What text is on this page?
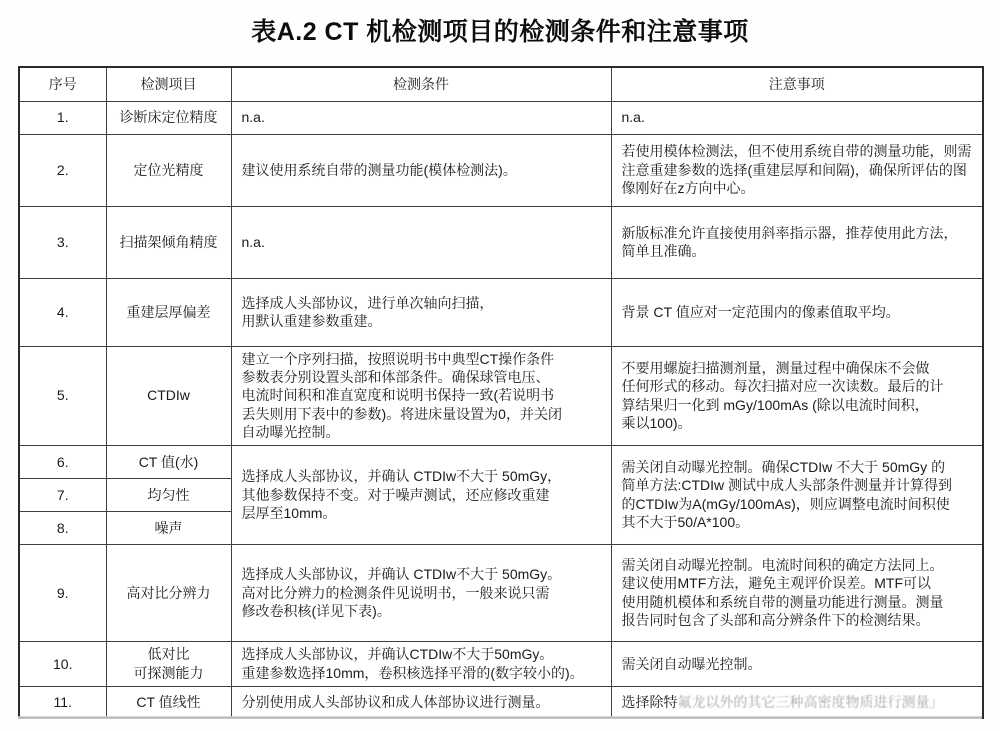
表A.2 CT 机检测项目的检测条件和注意事项
序号	检测项目	检测条件	注意事项
1.	诊断床定位精度	n.a.	n.a.
2.	定位光精度	建议使用系统自带的测量功能(模体检测法)。	若使用模体检测法，但不使用系统自带的测量功能，则需
注意重建参数的选择(重建层厚和间隔)，确保所评估的图
像刚好在z方向中心。
3.	扫描架倾角精度	n.a.	新版标准允许直接使用斜率指示器，推荐使用此方法，
简单且准确。
4.	重建层厚偏差	选择成人头部协议，进行单次轴向扫描，
用默认重建参数重建。	背景 CT 值应对一定范围内的像素值取平均。
5.	CTDIw	建立一个序列扫描，按照说明书中典型CT操作条件
参数表分别设置头部和体部条件。确保球管电压、
电流时间积和准直宽度和说明书保持一致(若说明书
丢失则用下表中的参数)。将进床量设置为0，并关闭
自动曝光控制。	不要用螺旋扫描测剂量，测量过程中确保床不会做
任何形式的移动。每次扫描对应一次读数。最后的计
算结果归一化到 mGy/100mAs (除以电流时间积，
乘以100)。
6.	CT 值(水)	选择成人头部协议，并确认 CTDIw不大于 50mGy，
其他参数保持不变。对于噪声测试，还应修改重建
层厚至10mm。	需关闭自动曝光控制。确保CTDIw 不大于 50mGy 的
简单方法:CTDIw 测试中成人头部条件测量并计算得到
的CTDIw为A(mGy/100mAs)，则应调整电流时间积使
其不大于50/A*100。
7.	均匀性		
8.	噪声		
9.	高对比分辨力	选择成人头部协议，并确认 CTDIw不大于 50mGy。
高对比分辨力的检测条件见说明书，一般来说只需
修改卷积核(详见下表)。	需关闭自动曝光控制。电流时间积的确定方法同上。
建议使用MTF方法，避免主观评价误差。MTF可以
使用随机模体和系统自带的测量功能进行测量。测量
报告同时包含了头部和高分辨条件下的检测结果。
10.	低对比
可探测能力	选择成人头部协议，并确认CTDIw不大于50mGy。
重建参数选择10mm，卷积核选择平滑的(数字较小的)。	需关闭自动曝光控制。
11.	CT 值线性	分别使用成人头部协议和成人体部协议进行测量。	选择除特氟龙以外的其它三种高密度物质进行测量」
